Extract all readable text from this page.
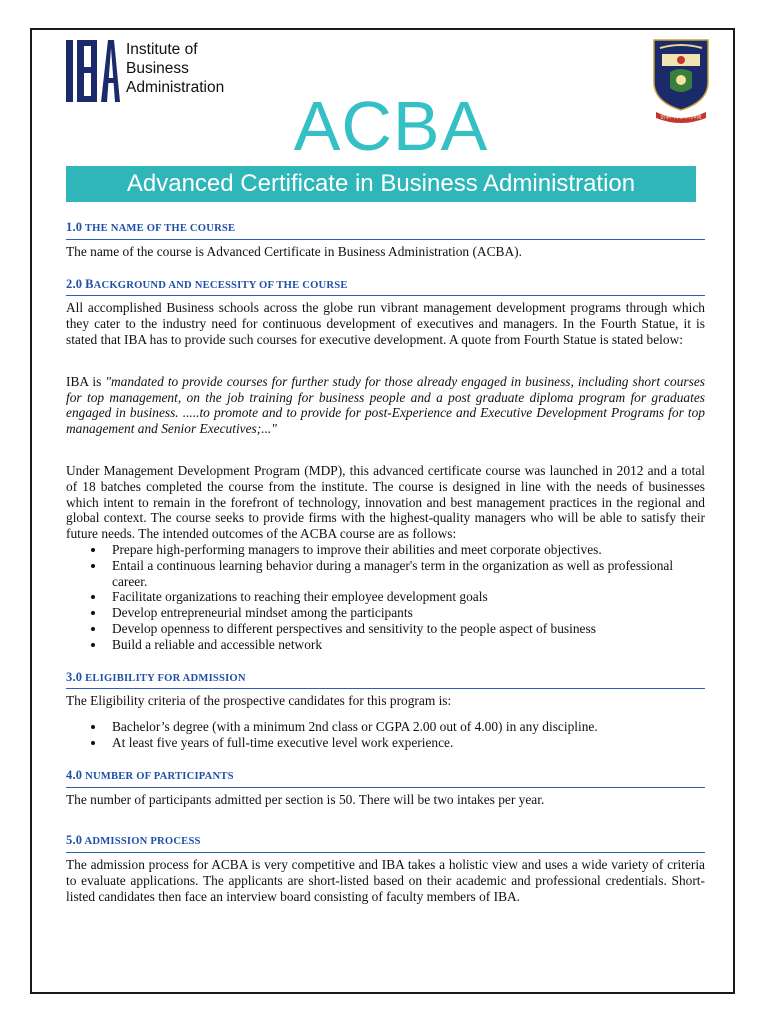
Institute of
Business
Administration
ঢাকা বিশ্ববিদ্যালয়
ACBA
Advanced Certificate in Business Administration
1.0 THE NAME OF THE COURSE

The name of the course is Advanced Certificate in Business Administration (ACBA).

2.0 BACKGROUND AND NECESSITY OF THE COURSE

All accomplished Business schools across the globe run vibrant management development programs through which they cater to the industry need for continuous development of executives and managers. In the Fourth Statue, it is stated that IBA has to provide such courses for executive development. A quote from Fourth Statue is stated below:

IBA is "mandated to provide courses for further study for those already engaged in business, including short courses for top management, on the job training for business people and a post graduate diploma program for graduates engaged in business. .....to promote and to provide for post-Experience and Executive Development Programs for top management and Senior Executives;..."

Under Management Development Program (MDP), this advanced certificate course was launched in 2012 and a total of 18 batches completed the course from the institute. The course is designed in line with the needs of businesses which intent to remain in the forefront of technology, innovation and best management practices in the regional and global context. The course seeks to provide firms with the highest-quality managers who will be able to satisfy their future needs. The intended outcomes of the ACBA course are as follows:

• Prepare high-performing managers to improve their abilities and meet corporate objectives.
• Entail a continuous learning behavior during a manager's term in the organization as well as professional career.
• Facilitate organizations to reaching their employee development goals
• Develop entrepreneurial mindset among the participants
• Develop openness to different perspectives and sensitivity to the people aspect of business
• Build a reliable and accessible network
3.0 ELIGIBILITY FOR ADMISSION

The Eligibility criteria of the prospective candidates for this program is:

• Bachelor’s degree (with a minimum 2nd class or CGPA 2.00 out of 4.00) in any discipline.
• At least five years of full-time executive level work experience.
4.0 NUMBER OF PARTICIPANTS

The number of participants admitted per section is 50. There will be two intakes per year.

5.0 ADMISSION PROCESS

The admission process for ACBA is very competitive and IBA takes a holistic view and uses a wide variety of criteria to evaluate applications. The applicants are short-listed based on their academic and professional credentials. Short-listed candidates then face an interview board consisting of faculty members of IBA.
